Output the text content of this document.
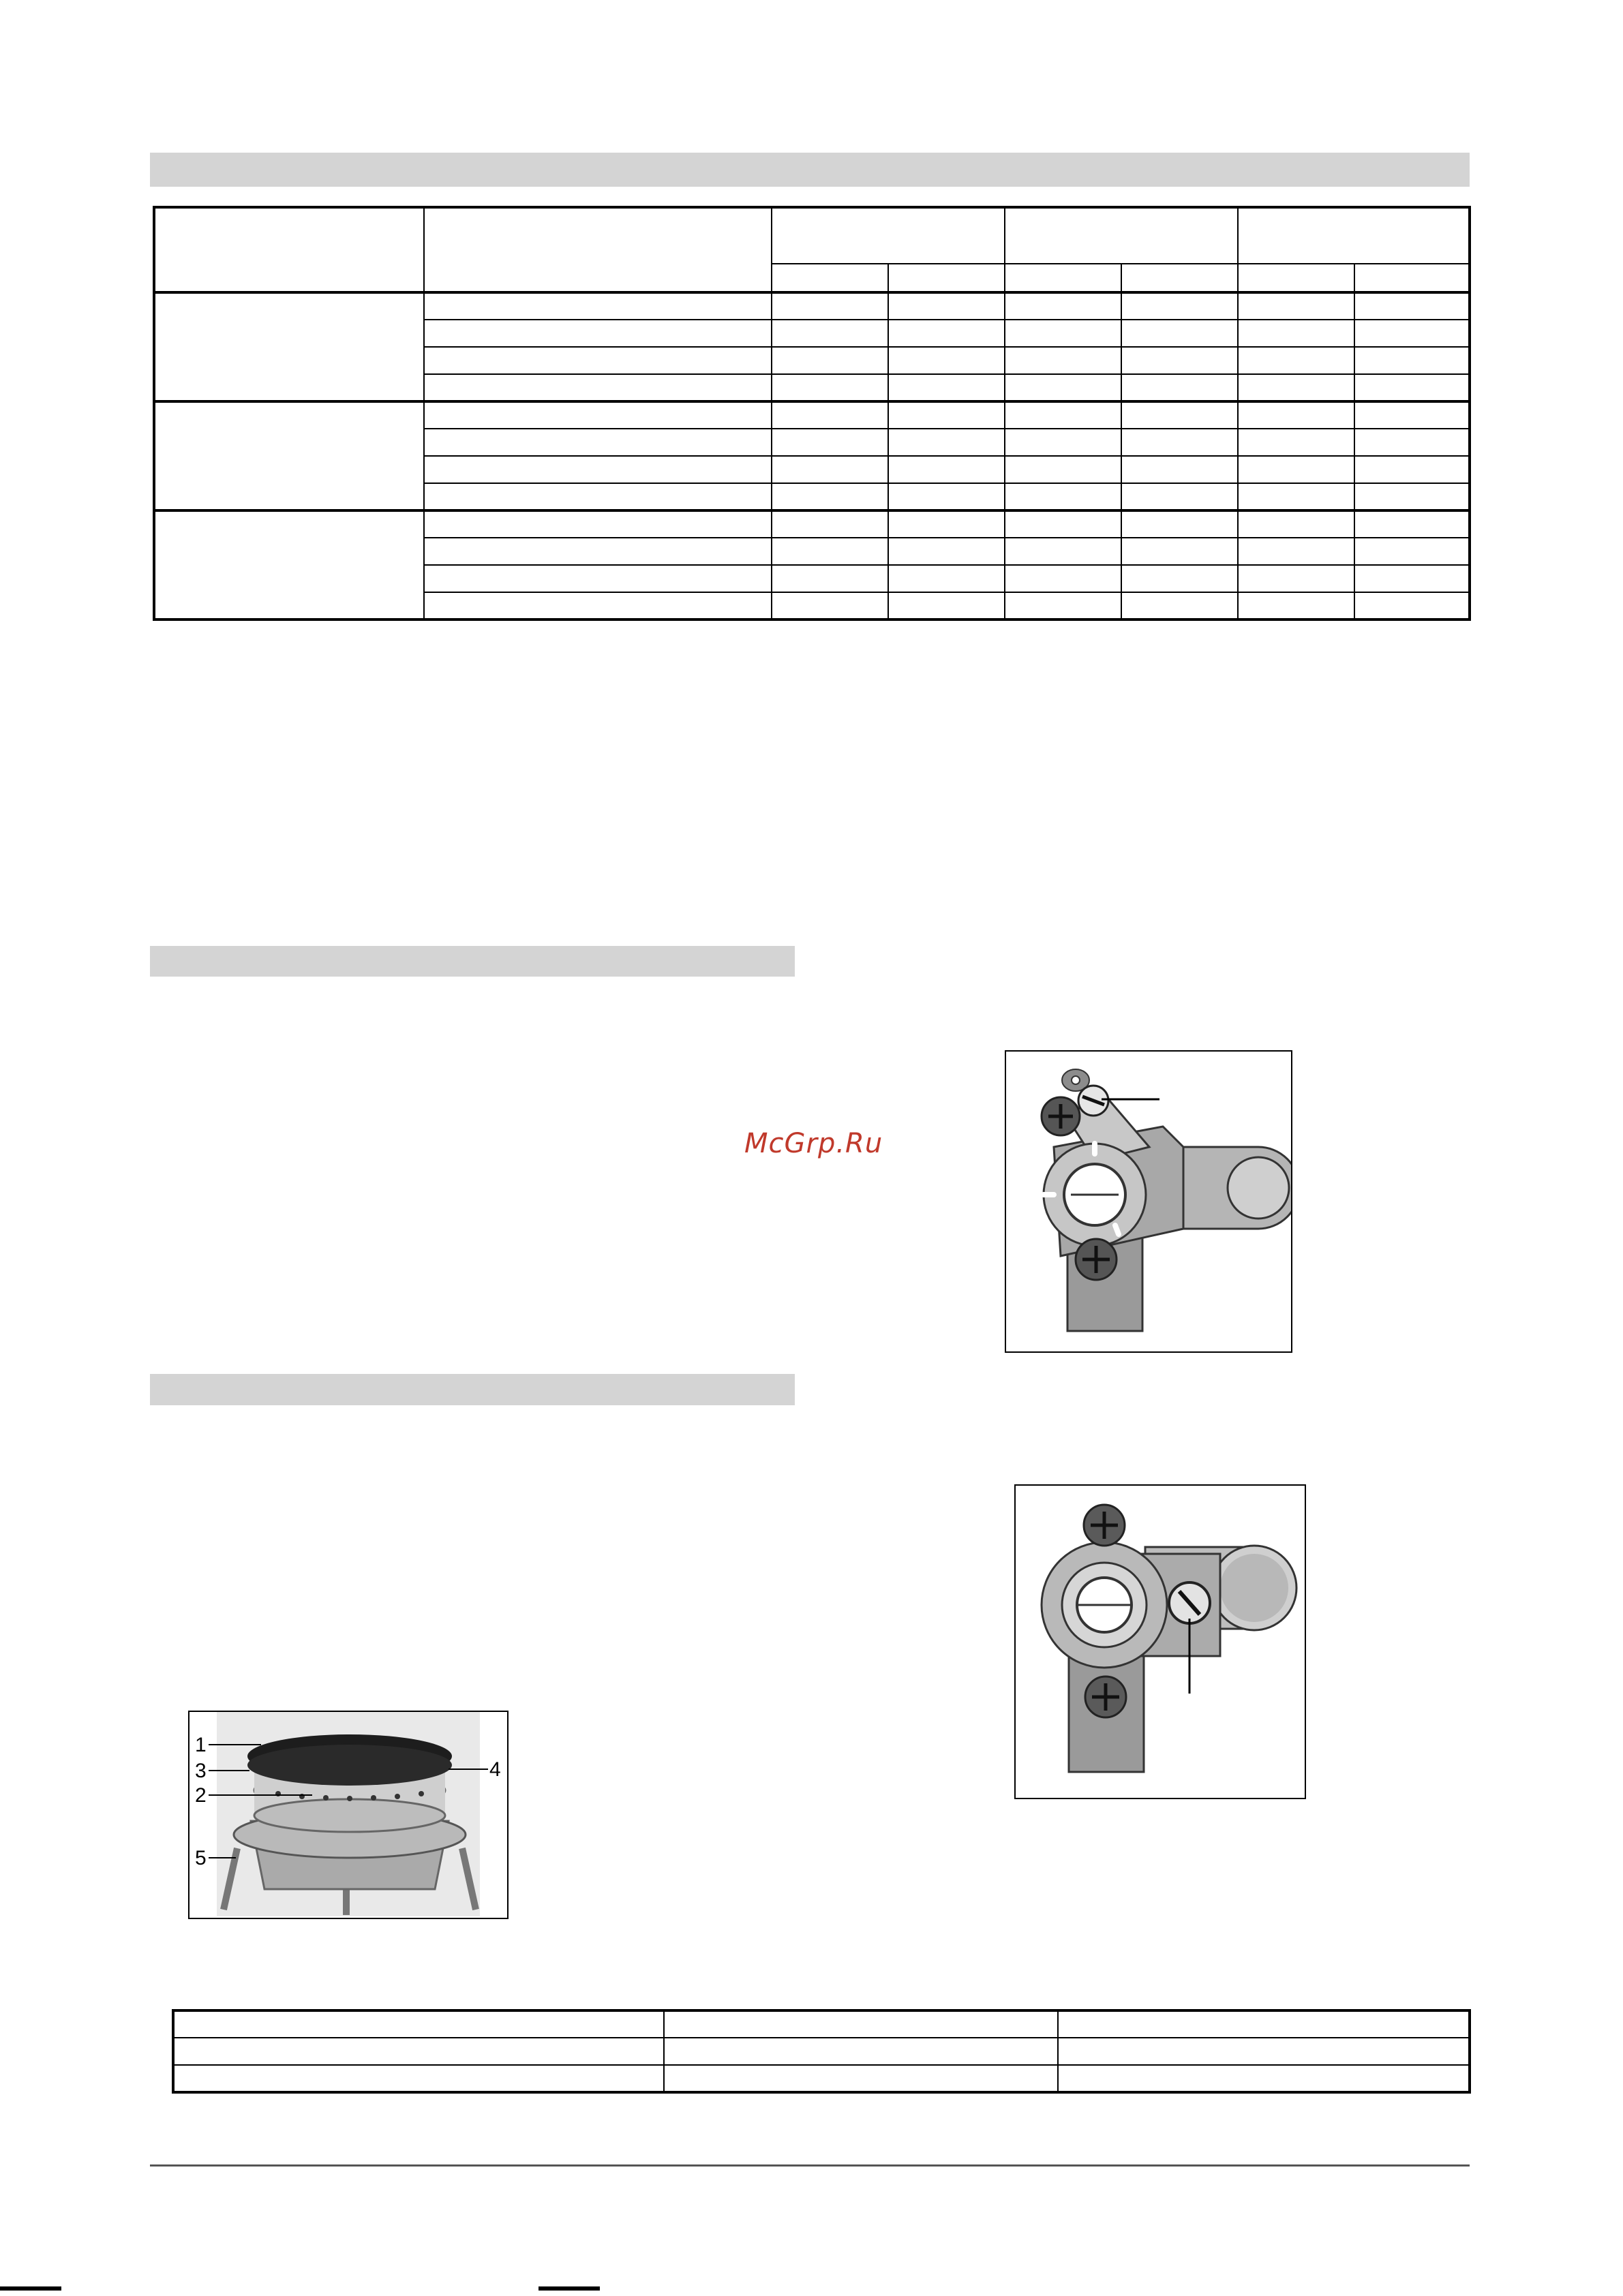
McGrp.Ru
1
3
2
4
5
